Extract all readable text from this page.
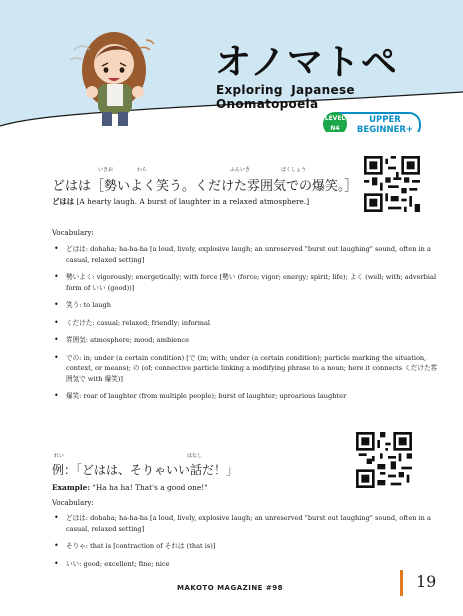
オノマトペ
Exploring Japanese Onomatopoeia
LEVEL N4
UPPER
BEGINNER+
どはは［勢いよく笑う。くだけた雰囲気での爆笑。］
いきお	わら	ふんいき	ばくしょう
どはは [A hearty laugh. A burst of laughter in a relaxed atmosphere.]
Vocabulary:
• どはは: dohaha; ha-ha-ha [a loud, lively, explosive laugh; an unreserved "burst out laughing" sound, often in a casual, relaxed setting]
• 勢いよく: vigorously; energetically; with force [勢い (force; vigor; energy; spirit; life); よく (well; with; adverbial form of いい (good))]
• 笑う: to laugh
• くだけた: casual; relaxed; friendly; informal
• 雰囲気: atmosphere; mood; ambience
• での: in; under (a certain condition) [で (in; with; under (a certain condition); particle marking the situation, context, or means); の (of; connective particle linking a modifying phrase to a noun; here it connects くだけた雰囲気で with 爆笑)]
• 爆笑: roar of laughter (from multiple people); burst of laughter; uproarious laughter
例：「どはは、そりゃいい話だ！」
れい	はなし
Example: "Ha ha ha! That's a good one!"
Vocabulary:
• どはは: dohaha; ha-ha-ha [a loud, lively, explosive laugh; an unreserved "burst out laughing" sound, often in a casual, relaxed setting]
• そりゃ: that is [contraction of それは (that is)]
• いい: good; excellent; fine; nice
MAKOTO MAGAZINE #98	19
